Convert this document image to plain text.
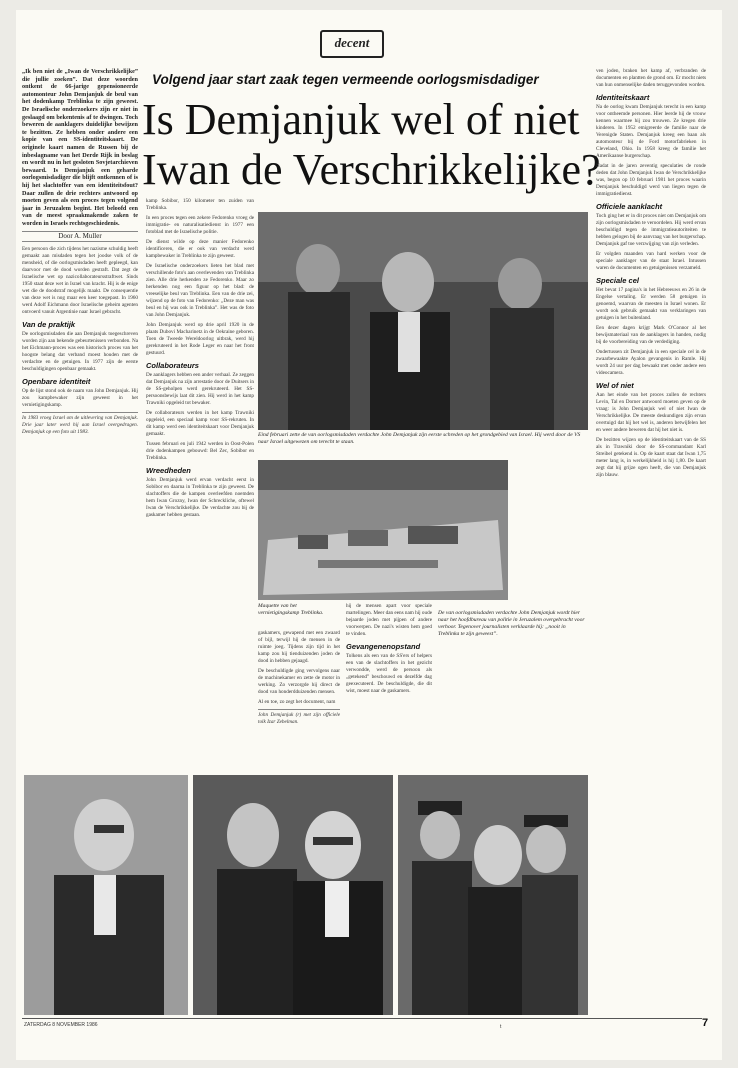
decent
Volgend jaar start zaak tegen vermeende oorlogsmisdadiger
Is Demjanjuk wel of niet Iwan de Verschrikkelijke?

„Ik ben niet de „Iwan de Verschrikkelijke” die jullie zoeken”. Dat deze woorden ontkent de 66-jarige gepensioneerde automonteur John Demjanjuk de beul van het dodenkamp Treblinka te zijn geweest. De Israelische onderzoekers zijn er niet in geslaagd om bekentenis af te dwingen. Toch beweren de aanklagers duidelijke bewijzen te bezitten. Ze hebben onder andere een kopie van een SS-identiteitskaart. De originele kaart namen de Russen bij de inbeslagname van het Derde Rijk in beslag en wordt nu in het gesloten Sovjetarchieven bewaard. Is Demjanjuk een geharde oorlogsmisdadiger die blijft ontkennen of is hij het slachtoffer van een identiteitsfout? Daar zullen de drie rechters antwoord op moeten geven als een proces tegen volgend jaar in Jeruzalem begint. Het beloofd een van de meest spraakmakende zaken te worden in Israels rechtsgeschiedenis.

Door A. Muller

Een persoon die zich tijdens het nazisme schuldig heeft gemaakt aan misdaden tegen het joodse volk of de mensheid, of die oorlogsmisdaden heeft gepleegd, kan daarvoor met de dood worden gestraft. Dat zegt de Israelische wet op nazicollaborateursstraftwet. Sinds 1950 staat deze wet in Israel van kracht. Hij is de enige wet die de doodstraf mogelijk maakt. De consequentie van deze wet is nog maar een keer toegepast. In 1960 werd Adolf Eichmann door Israelische geheim agenten ontvoerd vanuit Argentinie naar Israel gebracht.

Van de praktijk

De oorlogsmisdaden die aan Demjanjuk toegeschreven worden zijn aan bekende gebeurtenissen verbonden. Na het Eichmann-proces was een historisch proces van het hoogste belang dat verband moest houden met de verdachte en de getuigen. In 1977 zijn de eerste beschuldigingen openbaar gemaakt.

Openbare identiteit

Op de lijst stond ook de naam van John Demjanjuk. Hij zou kampbewaker zijn geweest in het vernietigingskamp.

In 1983 vroeg Israel om de uitlevering van Demjanjuk. Drie jaar later werd hij aan Israel overgedragen. Demjanjuk op een foto uit 1983.

kamp Sobibor, 150 kilometer ten zuiden van Treblinka.

In een proces tegen een zekere Fedorenko vroeg de immigratie- en naturalisatiedienst in 1977 een fotoblad met de Israelische politie.

De dienst wilde op deze manier Fedorenko identificeren, die er ook van verdacht werd kampbewaker in Treblinka te zijn geweest.

De Israelische onderzoekers lieten het blad met verschillende foto's aan overlevenden van Treblinka zien. Alle drie herkenden ze Fedorenko. Maar zo herkenden nog een figuur op het blad: de vreeselijke beul van Treblinka. Een van de drie zei, wijzend op de foto van Fedorenko: „Deze man was beul en hij was ook in Treblinka”. Het was de foto van John Demjanjuk.

John Demjanjuk werd op drie april 1920 in de plaats Dubovi Macharinetz in de Oekraine geboren. Toen de Tweede Wereldoorlog uitbrak, werd hij gerekruteerd in het Rode Leger en naar het front gestuurd.

Collaborateurs

De aanklagers hebben een ander verhaal. Ze zeggen dat Demjanjuk na zijn arrestatie door de Duitsers in de SS-geholpen werd gerekruteerd. Het SS-persoonsbewijs laat dit zien. Hij werd in het kamp Trawniki opgeleid tot bewaker.

De collaborateurs werden in het kamp Trawniki opgeleid, een speciaal kamp voor SS-rekruten. In dit kamp werd een identiteitskaart voor Demjanjuk gemaakt.

Tussen februari en juli 1942 werden in Oost-Polen drie dodenkampen gebouwd: Bel Zec, Sobibor en Treblinka.

Wreedheden

John Demjanjuk werd ervan verdacht eerst in Sobibor en daarna in Treblinka te zijn geweest. De slachtoffers die de kampen overleefden noemden hem Iwan Grozny, Iwan der Schreckliche, oftewel Iwan de Verschrikkelijke. De verdachte zou bij de gaskamer hebben gestaan.

Eind februari zette de van oorlogsmisdaden verdachte John Demjanjuk zijn eerste schreden op het grondgebied van Israel. Hij werd door de VS naar Israel uitgewezen om terecht te staan.
Maquette van het vernietigingskamp Treblinka.

gaskamers, gewapend met een zwaard of bijl, terwijl hij de mensen in de ruimte joeg. Tijdens zijn tijd in het kamp zou hij tienduizenden joden de dood in hebben gejaagd.

De beschuldigde ging vervolgens naar de machinekamer en zette de motor in werking. Zo verzorgde hij direct de dood van honderdduizenden mensen.

Al en toe, zo zegt het document, nam

John Demjanjuk (r) met zijn officiele tolk Izar Zebelman.

hij de mensen apart voor speciale martelingen. Meer dan eens nam hij oude bejaarde joden met pijpen of andere voorwerpen. De nazi's wisten hem goed te vinden.

Gevangenenopstand

Tolkens als een van de SS'ers of helpers een van de slachtoffers in het gezicht verwondde, werd de persoon als „getekend” beschouwd en dezelfde dag geexecuteerd. De beschuldigde, die dit wist, moest naar de gaskamers.

De van oorlogsmisdaden verdachte John Demjanjuk wordt hier naar het hoofdbureau van politie in Jeruzalem overgebracht voor verhoor. Tegenover journalisten verklaarde hij: „nooit in Treblinka te zijn geweest”.

ven joden, braken het kamp af, verbranden de documenten en plantten de grond om. Er mocht niets van hun onmenselijke daden teruggevonden worden.

Identiteitskaart

Na de oorlog kwam Demjanjuk terecht in een kamp voor ontheemde personen. Hier leerde hij de vrouw kennen waarmee hij zou trouwen. Ze kregen drie kinderen. In 1952 emigreerde de familie naar de Verenigde Staten. Demjanjuk kreeg een baan als automonteur bij de Ford motorfabrieken in Cleveland, Ohio. In 1958 kreeg de familie het Amerikaanse burgerschap.

Nadat in de jaren zeventig speculaties de ronde deden dat John Demjanjuk Iwan de Verschrikkelijke was, begon op 10 februari 1981 het proces waarin Demjanjuk beschuldigd werd van liegen tegen de immigratiedienst.

Officiele aanklacht

Toch ging het er in dit proces niet om Demjanjuk om zijn oorlogsmisdaden te veroordelen. Hij werd ervan beschuldigd tegen de immigratieautoriteiten te hebben gelogen bij de aanvraag van het burgerschap. Demjanjuk gaf toe verzwijging van zijn verleden.

Er volgden maanden van hard werken voor de speciale aanklager van de staat Israel. Intussen waren de documenten en getuigenissen verzameld.

Speciale cel

Het bevat 17 pagina's in het Hebreeuws en 26 in de Engelse vertaling. Er werden 58 getuigen in genoemd, waarvan de meesten in Israel wonen. Er wordt ook gebruik gemaakt van verklaringen van getuigen in het buitenland.

Een dezer dagen krijgt Mark O'Connor al het bewijsmateriaal van de aanklagers in handen, nodig bij de voorbereiding van de verdediging.

Ondertussen zit Demjanjuk in een speciale cel in de zwaarbewaakte Ayalon gevangenis in Ramle. Hij wordt 24 uur per dag bewaakt met onder andere een videocamera.

Wel of niet

Aan het einde van het proces zullen de rechters Levin, Tal en Dorner antwoord moeten geven op de vraag: is John Demjanjuk wel of niet Iwan de Verschrikkelijke. De meeste deskundigen zijn ervan overtuigd dat hij het wel is, anderen betwijfelen het en weer andere beweren dat hij het niet is.

De bezitten wijzen op de identiteitskaart van de SS als in Trawniki door de SS-commandant Karl Streibel getekend is. Op de kaart staat dat Iwan 1,75 meter lang is, in werkelijkheid is hij 1,80. De kaart zegt dat hij grijze ogen heeft, die van Demjanjuk zijn blauw.

ZATERDAG 8 NOVEMBER 1986	t	7
